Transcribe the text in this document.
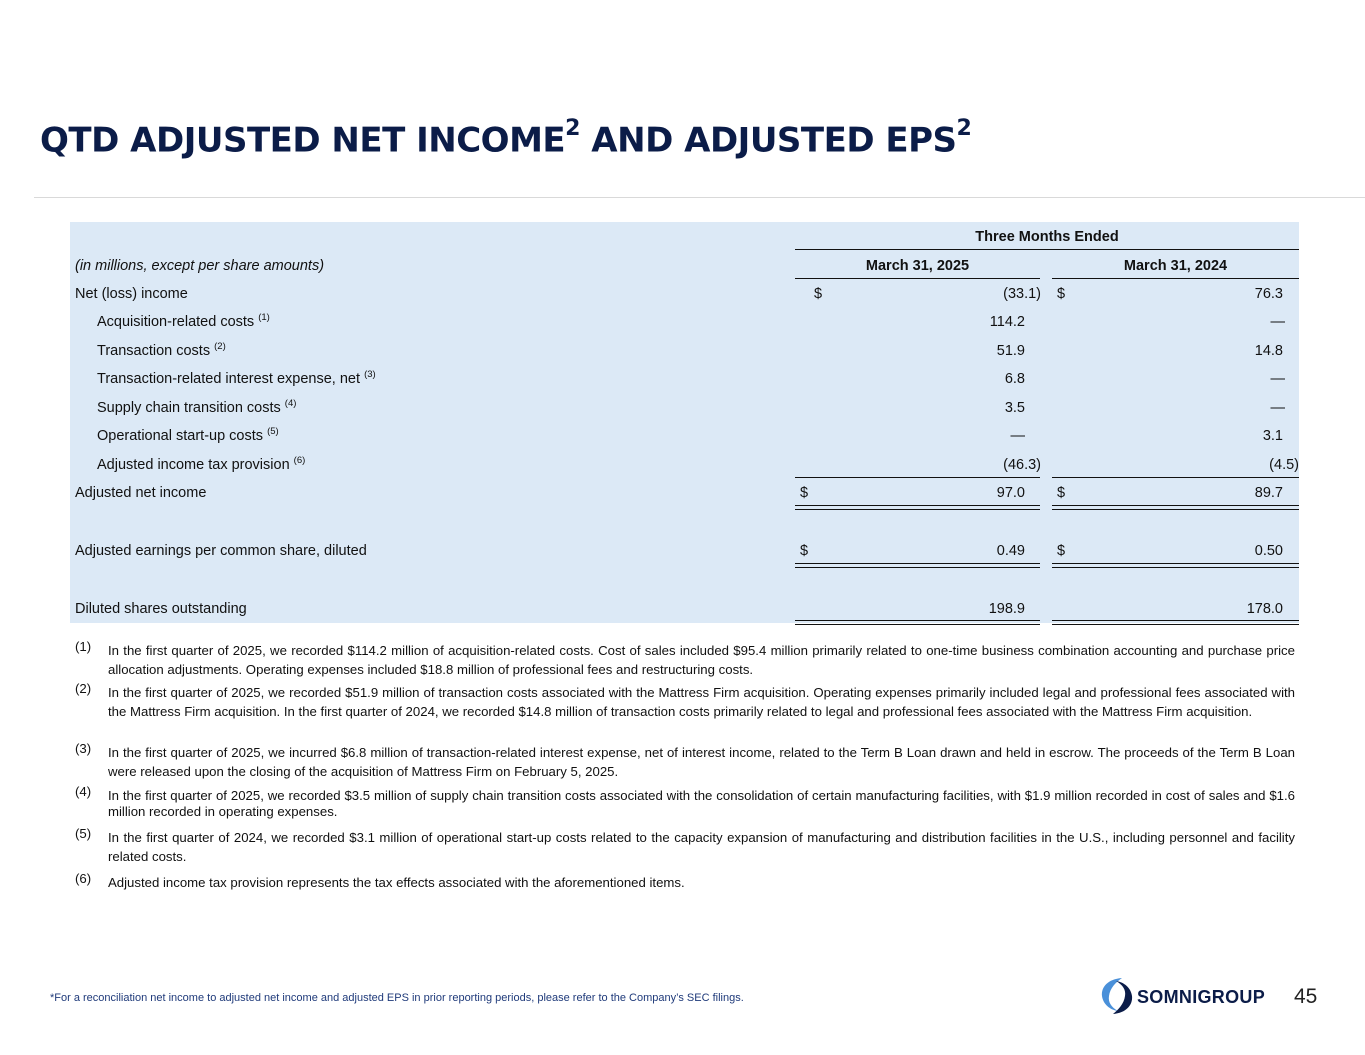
QTD ADJUSTED NET INCOME$^2$ AND ADJUSTED EPS$^2$
Three Months Ended
(in millions, except per share amounts)	March 31, 2025	March 31, 2024
Net (loss) income	$	(33.1) $	76.3
Acquisition-related costs $^{(1)}$	114.2	—
Transaction costs $^{(2)}$	51.9	14.8
Transaction-related interest expense, net $^{(3)}$	6.8	—
Supply chain transition costs $^{(4)}$	3.5	—
Operational start-up costs $^{(5)}$	—	3.1
Adjusted income tax provision $^{(6)}$	(46.3)	(4.5)
Adjusted net income	$	97.0 $	89.7
Adjusted earnings per common share, diluted	$	0.49 $	0.50
Diluted shares outstanding	198.9	178.0
(1) In the first quarter of 2025, we recorded $114.2 million of acquisition-related costs. Cost of sales included $95.4 million primarily related to one-time business combination accounting and purchase price allocation adjustments. Operating expenses included $18.8 million of professional fees and restructuring costs.
(2) In the first quarter of 2025, we recorded $51.9 million of transaction costs associated with the Mattress Firm acquisition. Operating expenses primarily included legal and professional fees associated with the Mattress Firm acquisition. In the first quarter of 2024, we recorded $14.8 million of transaction costs primarily related to legal and professional fees associated with the Mattress Firm acquisition.
(3) In the first quarter of 2025, we incurred $6.8 million of transaction-related interest expense, net of interest income, related to the Term B Loan drawn and held in escrow. The proceeds of the Term B Loan were released upon the closing of the acquisition of Mattress Firm on February 5, 2025.
(4) In the first quarter of 2025, we recorded $3.5 million of supply chain transition costs associated with the consolidation of certain manufacturing facilities, with $1.9 million recorded in cost of sales and $1.6 million recorded in operating expenses.
(5) In the first quarter of 2024, we recorded $3.1 million of operational start-up costs related to the capacity expansion of manufacturing and distribution facilities in the U.S., including personnel and facility related costs.
(6) Adjusted income tax provision represents the tax effects associated with the aforementioned items.
*For a reconciliation net income to adjusted net income and adjusted EPS in prior reporting periods, please refer to the Company’s SEC filings.	SOMNIGROUP 45
